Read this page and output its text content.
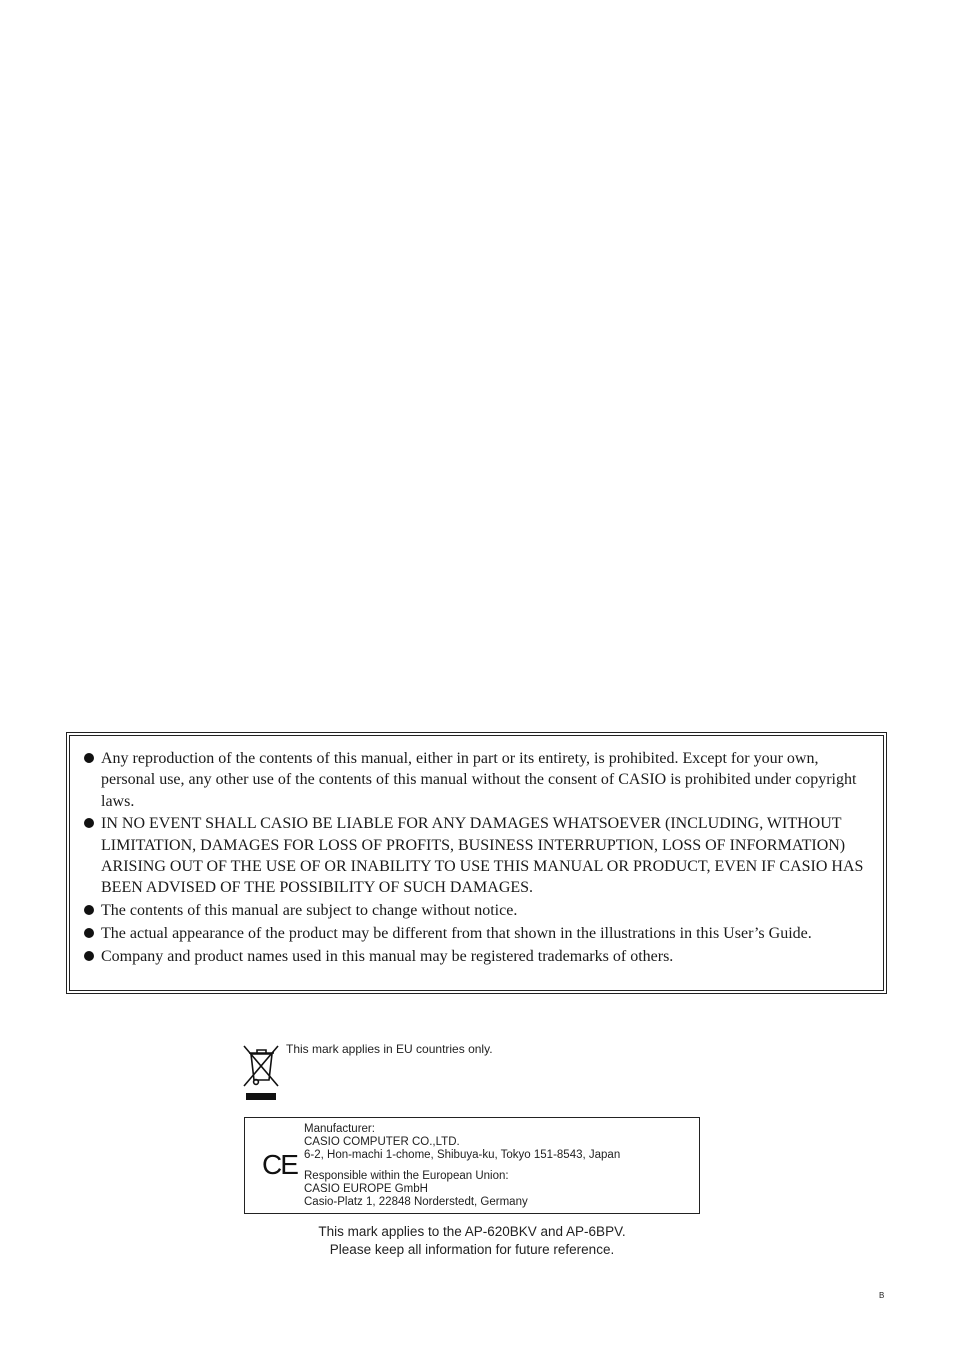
Any reproduction of the contents of this manual, either in part or its entirety, is prohibited. Except for your own, personal use, any other use of the contents of this manual without the consent of CASIO is prohibited under copyright laws.
IN NO EVENT SHALL CASIO BE LIABLE FOR ANY DAMAGES WHATSOEVER (INCLUDING, WITHOUT LIMITATION, DAMAGES FOR LOSS OF PROFITS, BUSINESS INTERRUPTION, LOSS OF INFORMATION) ARISING OUT OF THE USE OF OR INABILITY TO USE THIS MANUAL OR PRODUCT, EVEN IF CASIO HAS BEEN ADVISED OF THE POSSIBILITY OF SUCH DAMAGES.
The contents of this manual are subject to change without notice.
The actual appearance of the product may be different from that shown in the illustrations in this User’s Guide.
Company and product names used in this manual may be registered trademarks of others.
This mark applies in EU countries only.
CE
Manufacturer:
CASIO COMPUTER CO.,LTD.
6-2, Hon-machi 1-chome, Shibuya-ku, Tokyo 151-8543, Japan
Responsible within the European Union:
CASIO EUROPE GmbH
Casio-Platz 1, 22848 Norderstedt, Germany
This mark applies to the AP-620BKV and AP-6BPV.
Please keep all information for future reference.
B
